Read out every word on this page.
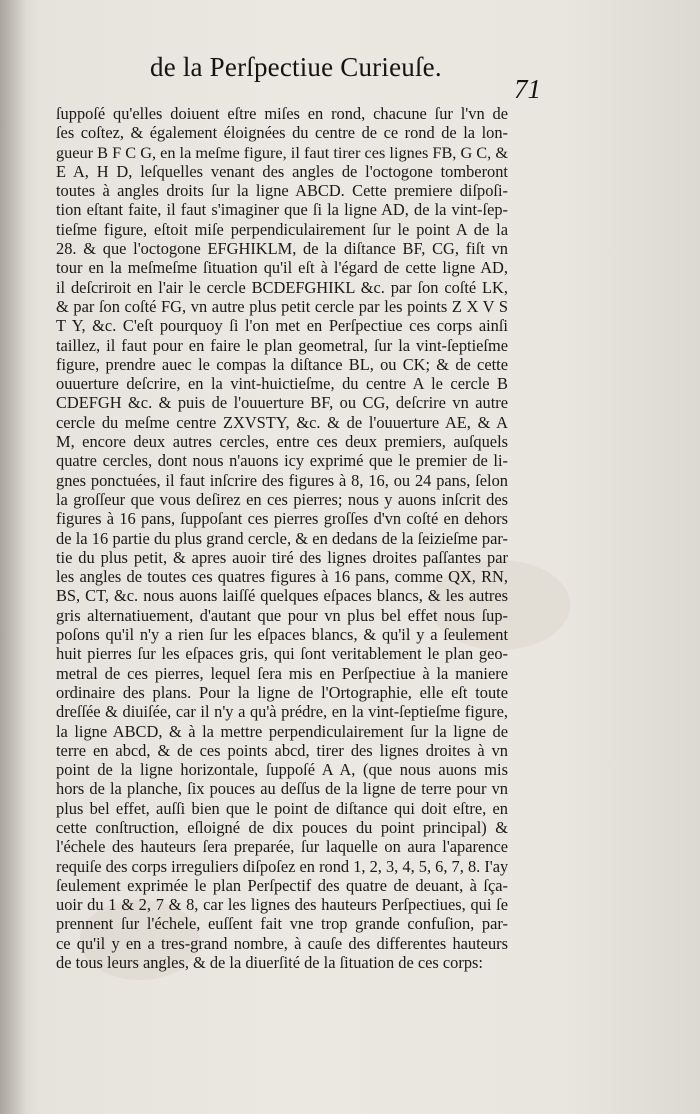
de la Perſpectiue Curieuſe.
71
ſuppoſé qu'elles doiuent eſtre miſes en rond, chacune ſur l'vn de
ſes coſtez, & également éloignées du centre de ce rond de la lon-
gueur B F C G, en la meſme figure, il faut tirer ces lignes FB, G C, &
E A, H D, leſquelles venant des angles de l'octogone tomberont
toutes à angles droits ſur la ligne ABCD. Cette premiere diſpoſi-
tion eſtant faite, il faut s'imaginer que ſi la ligne AD, de la vint-ſep-
tieſme figure, eſtoit miſe perpendiculairement ſur le point A de la
28. & que l'octogone EFGHIKLM, de la diſtance BF, CG, fiſt vn
tour en la meſmeſme ſituation qu'il eſt à l'égard de cette ligne AD,
il deſcriroit en l'air le cercle BCDEFGHIKL &c. par ſon coſté LK,
& par ſon coſté FG, vn autre plus petit cercle par les points Z X V S
T Y, &c. C'eſt pourquoy ſi l'on met en Perſpectiue ces corps ainſi
taillez, il faut pour en faire le plan geometral, ſur la vint-ſeptieſme
figure, prendre auec le compas la diſtance BL, ou CK; & de cette
ouuerture deſcrire, en la vint-huictieſme, du centre A le cercle B
CDEFGH &c. & puis de l'ouuerture BF, ou CG, deſcrire vn autre
cercle du meſme centre ZXVSTY, &c. & de l'ouuerture AE, & A
M, encore deux autres cercles, entre ces deux premiers, auſquels
quatre cercles, dont nous n'auons icy exprimé que le premier de li-
gnes ponctuées, il faut inſcrire des figures à 8, 16, ou 24 pans, ſelon
la groſſeur que vous deſirez en ces pierres; nous y auons inſcrit des
figures à 16 pans, ſuppoſant ces pierres groſſes d'vn coſté en dehors
de la 16 partie du plus grand cercle, & en dedans de la ſeizieſme par-
tie du plus petit, & apres auoir tiré des lignes droites paſſantes par
les angles de toutes ces quatres figures à 16 pans, comme QX, RN,
BS, CT, &c. nous auons laiſſé quelques eſpaces blancs, & les autres
gris alternatiuement, d'autant que pour vn plus bel effet nous ſup-
poſons qu'il n'y a rien ſur les eſpaces blancs, & qu'il y a ſeulement
huit pierres ſur les eſpaces gris, qui ſont veritablement le plan geo-
metral de ces pierres, lequel ſera mis en Perſpectiue à la maniere
ordinaire des plans. Pour la ligne de l'Ortographie, elle eſt toute
dreſſée & diuiſée, car il n'y a qu'à prédre, en la vint-ſeptieſme figure,
la ligne ABCD, & à la mettre perpendiculairement ſur la ligne de
terre en abcd, & de ces points abcd, tirer des lignes droites à vn
point de la ligne horizontale, ſuppoſé A A, (que nous auons mis
hors de la planche, ſix pouces au deſſus de la ligne de terre pour vn
plus bel effet, auſſi bien que le point de diſtance qui doit eſtre, en
cette conſtruction, eſloigné de dix pouces du point principal) &
l'échele des hauteurs ſera preparée, ſur laquelle on aura l'aparence
requiſe des corps irreguliers diſpoſez en rond 1, 2, 3, 4, 5, 6, 7, 8. I'ay
ſeulement exprimée le plan Perſpectif des quatre de deuant, à ſça-
uoir du 1 & 2, 7 & 8, car les lignes des hauteurs Perſpectiues, qui ſe
prennent ſur l'échele, euſſent fait vne trop grande confuſion, par-
ce qu'il y en a tres-grand nombre, à cauſe des differentes hauteurs
de tous leurs angles, & de la diuerſité de la ſituation de ces corps:
